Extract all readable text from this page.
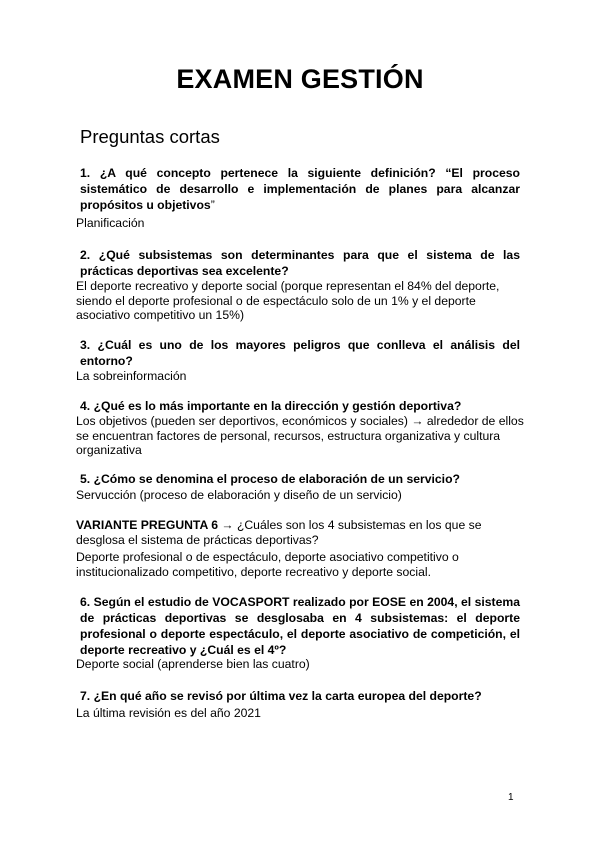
EXAMEN GESTIÓN
Preguntas cortas

1. ¿A qué concepto pertenece la siguiente definición? “El proceso sistemático de desarrollo e implementación de planes para alcanzar propósitos u objetivos”

Planificación

2. ¿Qué subsistemas son determinantes para que el sistema de las prácticas deportivas sea excelente?

El deporte recreativo y deporte social (porque representan el 84% del deporte, siendo el deporte profesional o de espectáculo solo de un 1% y el deporte asociativo competitivo un 15%)

3. ¿Cuál es uno de los mayores peligros que conlleva el análisis del entorno?

La sobreinformación

4. ¿Qué es lo más importante en la dirección y gestión deportiva?

Los objetivos (pueden ser deportivos, económicos y sociales) → alrededor de ellos se encuentran factores de personal, recursos, estructura organizativa y cultura organizativa

5. ¿Cómo se denomina el proceso de elaboración de un servicio?

Servucción (proceso de elaboración y diseño de un servicio)

VARIANTE PREGUNTA 6 → ¿Cuáles son los 4 subsistemas en los que se desglosa el sistema de prácticas deportivas?

Deporte profesional o de espectáculo, deporte asociativo competitivo o institucionalizado competitivo, deporte recreativo y deporte social.

6. Según el estudio de VOCASPORT realizado por EOSE en 2004, el sistema de prácticas deportivas se desglosaba en 4 subsistemas: el deporte profesional o deporte espectáculo, el deporte asociativo de competición, el deporte recreativo y ¿Cuál es el 4º?

Deporte social (aprenderse bien las cuatro)

7. ¿En qué año se revisó por última vez la carta europea del deporte?

La última revisión es del año 2021

1
